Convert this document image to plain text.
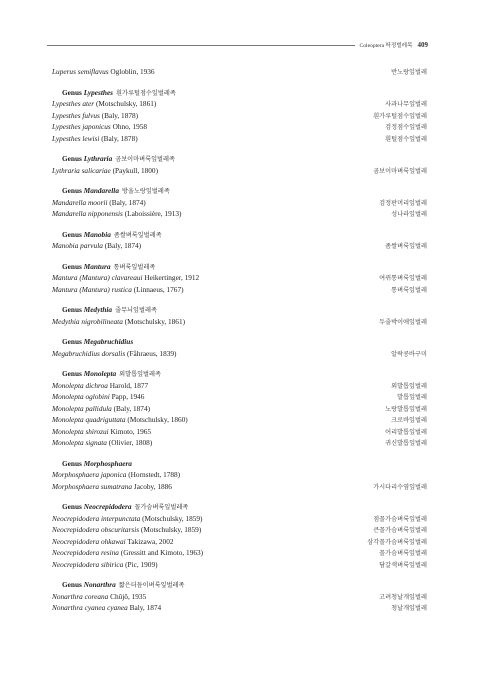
Coleoptera 딱정벌레목 409
Luperus semiflavus Ogloblin, 1936	반노랑잎벌레
Genus Lypesthes 흰가루털점수잎벌레족
Lypesthes ater (Motschulsky, 1861)	사과나무잎벌레
Lypesthes fulvus (Baly, 1878)	흰가루털점수잎벌레
Lypesthes japonicus Ohno, 1958	검정점수잎벌레
Lypesthes lewisi (Baly, 1878)	흰털점수잎벌레
Genus Lythraria 곰보이마벼룩잎벌레족
Lythraria salicariae (Paykull, 1800)	곰보이마벼룩잎벌레
Genus Mandarella 방울노랑잎벌레족
Mandarella moorii (Baly, 1874)	검정판머리잎벌레
Mandarella nipponensis (Laboissière, 1913)	성나라잎벌레
Genus Manobia 좀쌀벼룩잎벌레족
Manobia parvula (Baly, 1874)	좀쌀벼룩잎벌레
Genus Mantura 통벼룩잎벌레족
Mantura (Mantura) clavareaui Heikertinger, 1912	여뀌통벼룩잎벌레
Mantura (Mantura) rustica (Linnaeus, 1767)	통벼룩잎벌레
Genus Medythia 줄무늬잎벌레족
Medythia nigrobilineata (Motschulsky, 1861)	두줄박이애잎벌레
Genus Megabruchidius
Megabruchidius dorsalis (Fåhraeus, 1839)	알락콩바구미
Genus Monolepta 외발톱잎벌레족
Monolepta dichroa Harold, 1877	외발톱잎벌레
Monolepta oglobini Papp, 1946	발톱잎벌레
Monolepta pallidula (Baly, 1874)	노랑발톱잎벌레
Monolepta quadriguttata (Motschulsky, 1860)	크로바잎벌레
Monolepta shirozui Kimoto, 1965	어리발톱잎벌레
Monolepta signata (Olivier, 1808)	귀신발톱잎벌레
Genus Morphosphaera
Morphosphaera japonica (Hornstedt, 1788)
Morphosphaera sumatrana Jacoby, 1886	가시다리수염잎벌레
Genus Neocrepidodera 꼴가슴벼룩잎벌레족
Neocrepidodera interpunctata (Motschulsky, 1859)	점꼴가슴벼룩잎벌레
Neocrepidodera obscuritarsis (Motschulsky, 1859)	큰꼴가슴벼룩잎벌레
Neocrepidodera ohkawai Takizawa, 2002	삼각꼴가슴벼룩잎벌레
Neocrepidodera resina (Gressitt and Kimoto, 1963)	꼴가슴벼룩잎벌레
Neocrepidodera sibirica (Pic, 1909)	담갈색벼룩잎벌레
Genus Nonarthra 짧은더듬이벼룩잎벌레족
Nonarthra coreana Chûjô, 1935	고려청날개잎벌레
Nonarthra cyanea cyanea Baly, 1874	청날개잎벌레
